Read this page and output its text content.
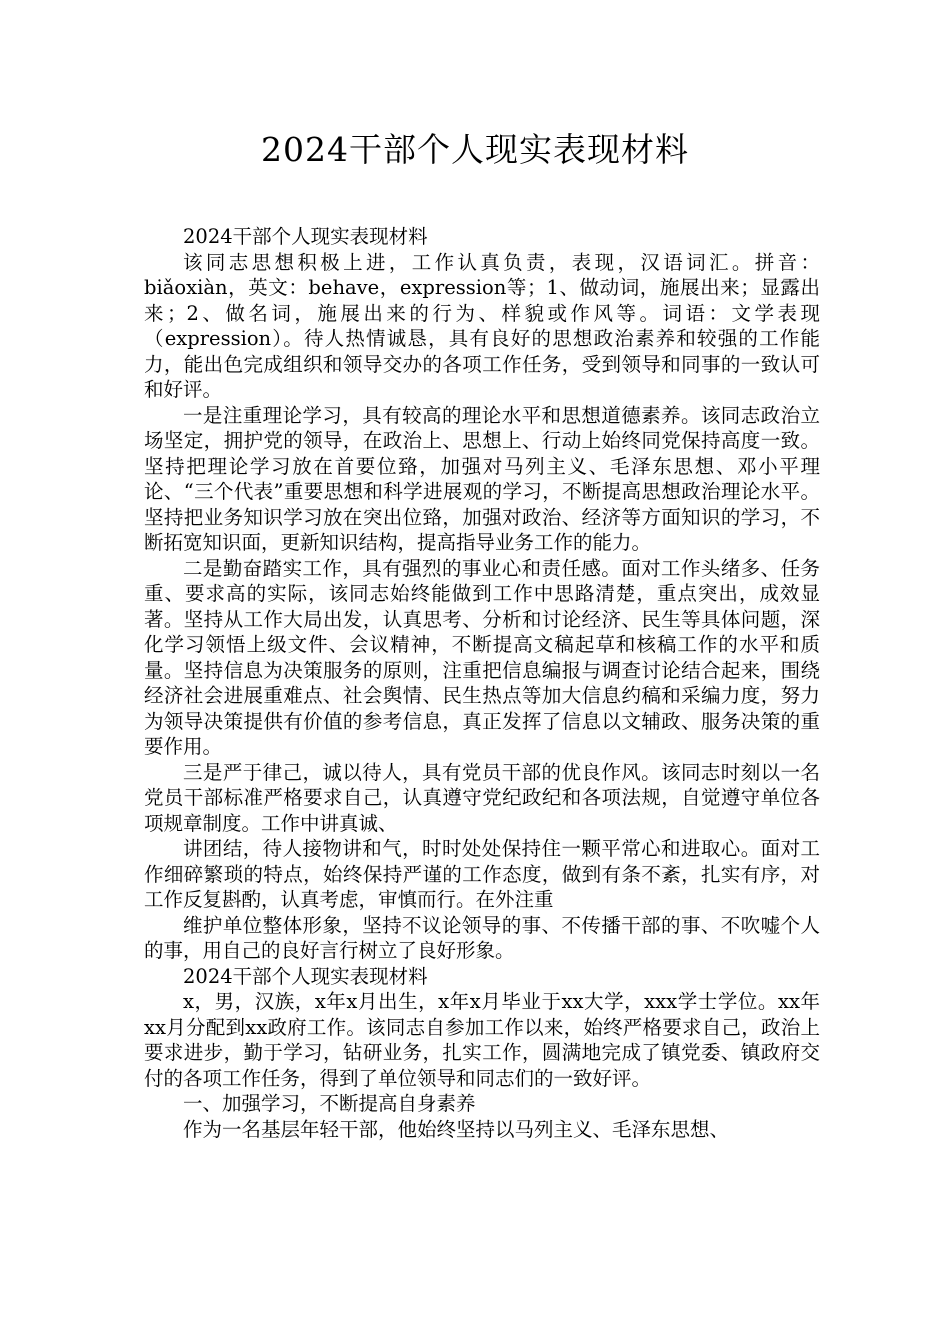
2024干部个人现实表现材料

2024干部个人现实表现材料

该同志思想积极上进，工作认真负责，表现，汉语词汇。拼音：biǎoxiàn，英文：behave，expression等；1、做动词，施展出来；显露出来；2、做名词，施展出来的行为、样貌或作风等。词语：文学表现（expression）。待人热情诚恳，具有良好的思想政治素养和较强的工作能力，能出色完成组织和领导交办的各项工作任务，受到领导和同事的一致认可和好评。

一是注重理论学习，具有较高的理论水平和思想道德素养。该同志政治立场坚定，拥护党的领导，在政治上、思想上、行动上始终同党保持高度一致。坚持把理论学习放在首要位臵，加强对马列主义、毛泽东思想、邓小平理论、“三个代表”重要思想和科学进展观的学习，不断提高思想政治理论水平。坚持把业务知识学习放在突出位臵，加强对政治、经济等方面知识的学习，不断拓宽知识面，更新知识结构，提高指导业务工作的能力。

二是勤奋踏实工作，具有强烈的事业心和责任感。面对工作头绪多、任务重、要求高的实际，该同志始终能做到工作中思路清楚，重点突出，成效显著。坚持从工作大局出发，认真思考、分析和讨论经济、民生等具体问题，深化学习领悟上级文件、会议精神，不断提高文稿起草和核稿工作的水平和质量。坚持信息为决策服务的原则，注重把信息编报与调查讨论结合起来，围绕经济社会进展重难点、社会舆情、民生热点等加大信息约稿和采编力度，努力为领导决策提供有价值的参考信息，真正发挥了信息以文辅政、服务决策的重要作用。

三是严于律己，诚以待人，具有党员干部的优良作风。该同志时刻以一名党员干部标准严格要求自己，认真遵守党纪政纪和各项法规，自觉遵守单位各项规章制度。工作中讲真诚、

讲团结，待人接物讲和气，时时处处保持住一颗平常心和进取心。面对工作细碎繁琐的特点，始终保持严谨的工作态度，做到有条不紊，扎实有序，对工作反复斟酌，认真考虑，审慎而行。在外注重

维护单位整体形象，坚持不议论领导的事、不传播干部的事、不吹嘘个人的事，用自己的良好言行树立了良好形象。

2024干部个人现实表现材料

x，男，汉族，x年x月出生，x年x月毕业于xx大学，xxx学士学位。xx年xx月分配到xx政府工作。该同志自参加工作以来，始终严格要求自己，政治上要求进步，勤于学习，钻研业务，扎实工作，圆满地完成了镇党委、镇政府交付的各项工作任务，得到了单位领导和同志们的一致好评。

一、加强学习，不断提高自身素养

作为一名基层年轻干部，他始终坚持以马列主义、毛泽东思想、
